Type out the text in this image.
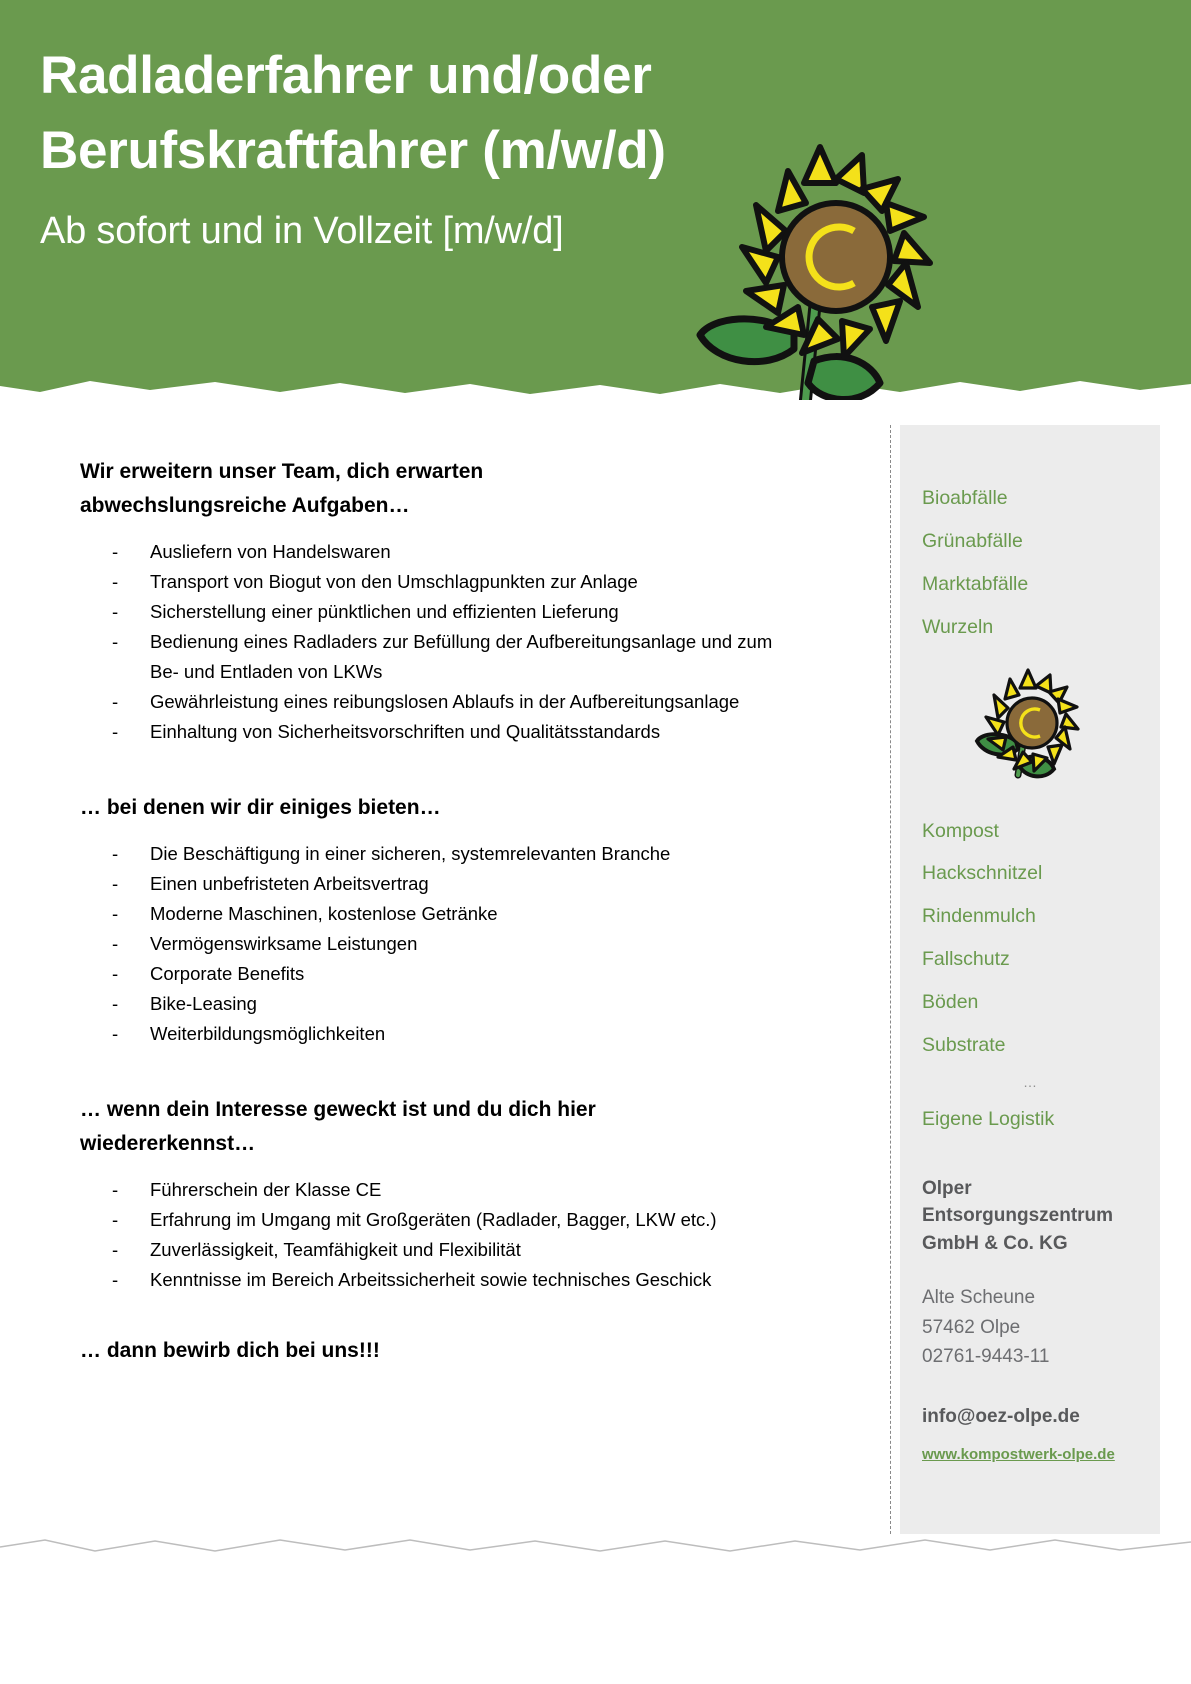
Radladerfahrer und/oder
Berufskraftfahrer (m/w/d)
Ab sofort und in Vollzeit [m/w/d]
Wir erweitern unser Team, dich erwarten
abwechslungsreiche Aufgaben…
- Ausliefern von Handelswaren
- Transport von Biogut von den Umschlagpunkten zur Anlage
- Sicherstellung einer pünktlichen und effizienten Lieferung
- Bedienung eines Radladers zur Befüllung der Aufbereitungsanlage und zum Be- und Entladen von LKWs
- Gewährleistung eines reibungslosen Ablaufs in der Aufbereitungsanlage
- Einhaltung von Sicherheitsvorschriften und Qualitätsstandards
… bei denen wir dir einiges bieten…
- Die Beschäftigung in einer sicheren, systemrelevanten Branche
- Einen unbefristeten Arbeitsvertrag
- Moderne Maschinen, kostenlose Getränke
- Vermögenswirksame Leistungen
- Corporate Benefits
- Bike-Leasing
- Weiterbildungsmöglichkeiten
… wenn dein Interesse geweckt ist und du dich hier
wiedererkennst…
- Führerschein der Klasse CE
- Erfahrung im Umgang mit Großgeräten (Radlader, Bagger, LKW etc.)
- Zuverlässigkeit, Teamfähigkeit und Flexibilität
- Kenntnisse im Bereich Arbeitssicherheit sowie technisches Geschick
… dann bewirb dich bei uns!!!
Bioabfälle
Grünabfälle
Marktabfälle
Wurzeln
Kompost
Hackschnitzel
Rindenmulch
Fallschutz
Böden
Substrate
…
Eigene Logistik
Olper
Entsorgungszentrum
GmbH & Co. KG
Alte Scheune
57462 Olpe
02761-9443-11
info@oez-olpe.de
www.kompostwerk-olpe.de
